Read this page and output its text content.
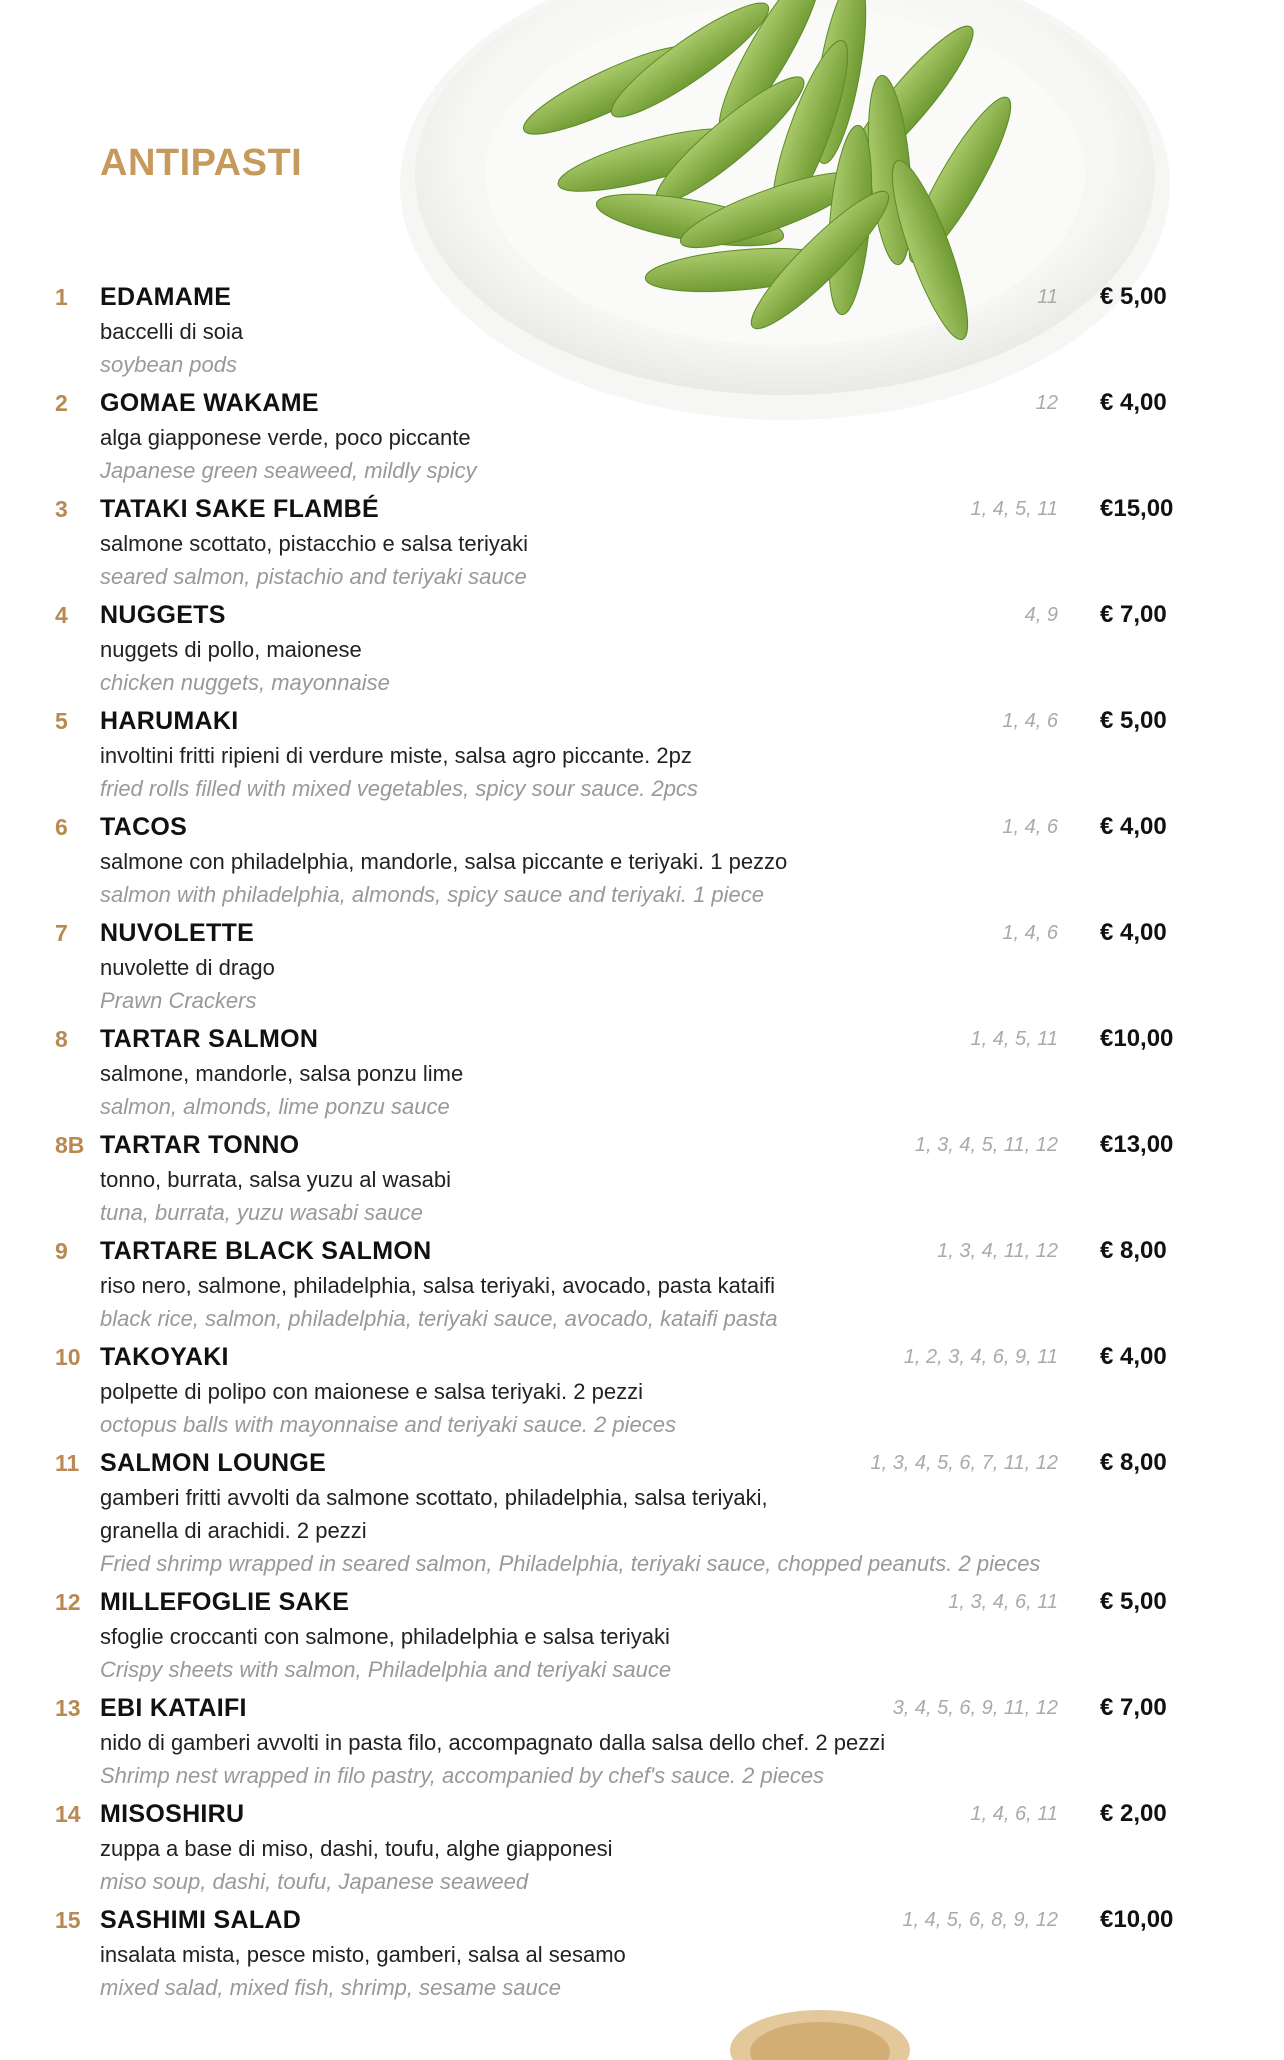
ANTIPASTI
1	EDAMAME	11 € 5,00
baccelli di soia
soybean pods
2	GOMAE WAKAME	12 € 4,00
alga giapponese verde, poco piccante
Japanese green seaweed, mildly spicy
3	TATAKI SAKE FLAMBÉ	1, 4, 5, 11 €15,00
salmone scottato, pistacchio e salsa teriyaki
seared salmon, pistachio and teriyaki sauce
4	NUGGETS	4, 9 € 7,00
nuggets di pollo, maionese
chicken nuggets, mayonnaise
5	HARUMAKI	1, 4, 6 € 5,00
involtini fritti ripieni di verdure miste, salsa agro piccante. 2pz
fried rolls filled with mixed vegetables, spicy sour sauce. 2pcs
6	TACOS	1, 4, 6 € 4,00
salmone con philadelphia, mandorle, salsa piccante e teriyaki. 1 pezzo
salmon with philadelphia, almonds, spicy sauce and teriyaki. 1 piece
7	NUVOLETTE	1, 4, 6 € 4,00
nuvolette di drago
Prawn Crackers
8	TARTAR SALMON	1, 4, 5, 11 €10,00
salmone, mandorle, salsa ponzu lime
salmon, almonds, lime ponzu sauce
8B TARTAR TONNO	1, 3, 4, 5, 11, 12 €13,00
tonno, burrata, salsa yuzu al wasabi
tuna, burrata, yuzu wasabi sauce
9	TARTARE BLACK SALMON	1, 3, 4, 11, 12 € 8,00
riso nero, salmone, philadelphia, salsa teriyaki, avocado, pasta kataifi
black rice, salmon, philadelphia, teriyaki sauce, avocado, kataifi pasta
10 TAKOYAKI	1, 2, 3, 4, 6, 9, 11 € 4,00
polpette di polipo con maionese e salsa teriyaki. 2 pezzi
octopus balls with mayonnaise and teriyaki sauce. 2 pieces
11 SALMON LOUNGE	1, 3, 4, 5, 6, 7, 11, 12 € 8,00
gamberi fritti avvolti da salmone scottato, philadelphia, salsa teriyaki,
granella di arachidi. 2 pezzi
Fried shrimp wrapped in seared salmon, Philadelphia, teriyaki sauce, chopped peanuts. 2 pieces
12 MILLEFOGLIE SAKE	1, 3, 4, 6, 11 € 5,00
sfoglie croccanti con salmone, philadelphia e salsa teriyaki
Crispy sheets with salmon, Philadelphia and teriyaki sauce
13 EBI KATAIFI	3, 4, 5, 6, 9, 11, 12 € 7,00
nido di gamberi avvolti in pasta filo, accompagnato dalla salsa dello chef. 2 pezzi
Shrimp nest wrapped in filo pastry, accompanied by chef's sauce. 2 pieces
14 MISOSHIRU	1, 4, 6, 11 € 2,00
zuppa a base di miso, dashi, toufu, alghe giapponesi
miso soup, dashi, toufu, Japanese seaweed
15 SASHIMI SALAD	1, 4, 5, 6, 8, 9, 12 €10,00
insalata mista, pesce misto, gamberi, salsa al sesamo
mixed salad, mixed fish, shrimp, sesame sauce
